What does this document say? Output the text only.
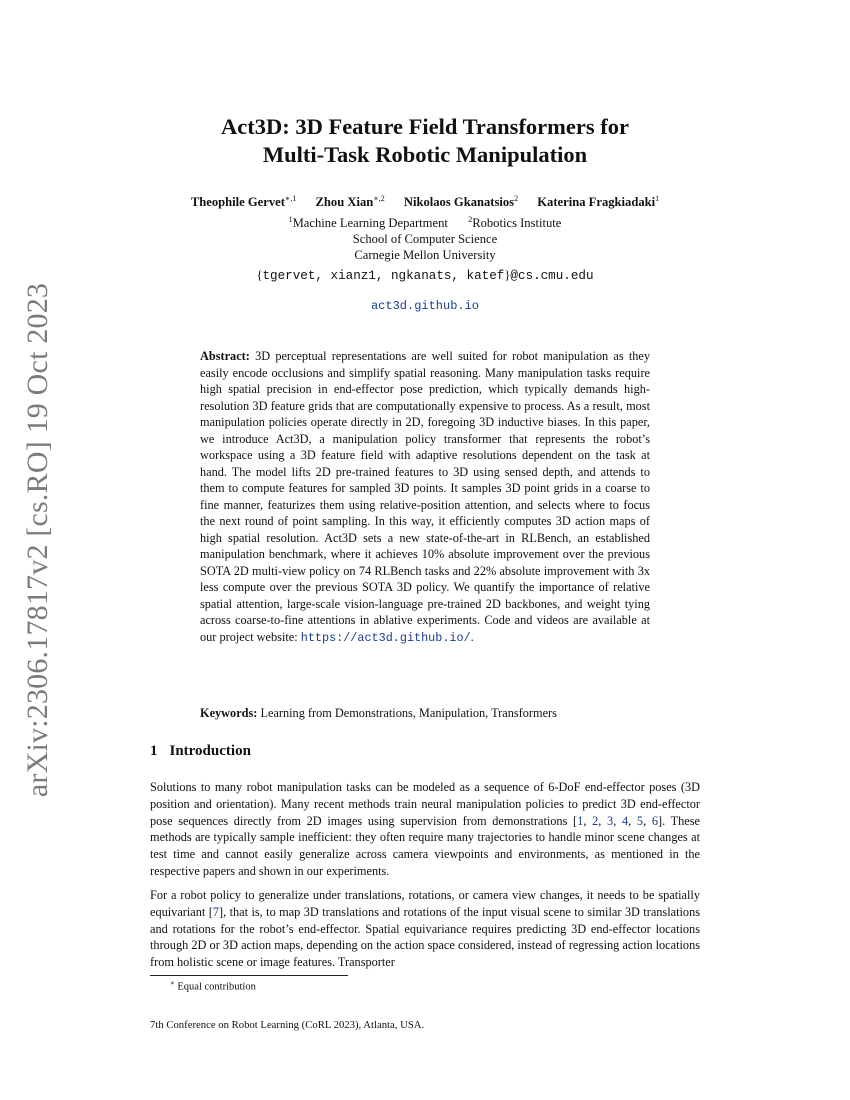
arXiv:2306.17817v2 [cs.RO] 19 Oct 2023
Act3D: 3D Feature Field Transformers for
Multi-Task Robotic Manipulation
Theophile Gervet$^{∗,1}$ Zhou Xian$^{∗,2}$ Nikolaos Gkanatsios$^2$ Katerina Fragkiadaki$^1$
$^1$Machine Learning Department	$^2$Robotics Institute
School of Computer Science
Carnegie Mellon University
{tgervet, xianz1, ngkanats, katef}@cs.cmu.edu
act3d.github.io
Abstract: 3D perceptual representations are well suited for robot manipulation as they easily encode occlusions and simplify spatial reasoning. Many manipulation tasks require high spatial precision in end-effector pose prediction, which typically demands high-resolution 3D feature grids that are computationally expensive to process. As a result, most manipulation policies operate directly in 2D, foregoing 3D inductive biases. In this paper, we introduce Act3D, a manipulation policy transformer that represents the robot’s workspace using a 3D feature field with adaptive resolutions dependent on the task at hand. The model lifts 2D pre-trained features to 3D using sensed depth, and attends to them to compute features for sampled 3D points. It samples 3D point grids in a coarse to fine manner, featurizes them using relative-position attention, and selects where to focus the next round of point sampling. In this way, it efficiently computes 3D action maps of high spatial resolution. Act3D sets a new state-of-the-art in RLBench, an established manipulation benchmark, where it achieves 10% absolute improvement over the previous SOTA 2D multi-view policy on 74 RLBench tasks and 22% absolute improvement with 3x less compute over the previous SOTA 3D policy. We quantify the importance of relative spatial attention, large-scale vision-language pre-trained 2D backbones, and weight tying across coarse-to-fine attentions in ablative experiments. Code and videos are available at our project website: https://act3d.github.io/.
Keywords: Learning from Demonstrations, Manipulation, Transformers
1 Introduction
Solutions to many robot manipulation tasks can be modeled as a sequence of 6-DoF end-effector poses (3D position and orientation). Many recent methods train neural manipulation policies to predict 3D end-effector pose sequences directly from 2D images using supervision from demonstrations [1, 2, 3, 4, 5, 6]. These methods are typically sample inefficient: they often require many trajectories to handle minor scene changes at test time and cannot easily generalize across camera viewpoints and environments, as mentioned in the respective papers and shown in our experiments.
For a robot policy to generalize under translations, rotations, or camera view changes, it needs to be spatially equivariant [7], that is, to map 3D translations and rotations of the input visual scene to similar 3D translations and rotations for the robot’s end-effector. Spatial equivariance requires predicting 3D end-effector locations through 2D or 3D action maps, depending on the action space considered, instead of regressing action locations from holistic scene or image features. Transporter
∗ Equal contribution
7th Conference on Robot Learning (CoRL 2023), Atlanta, USA.
